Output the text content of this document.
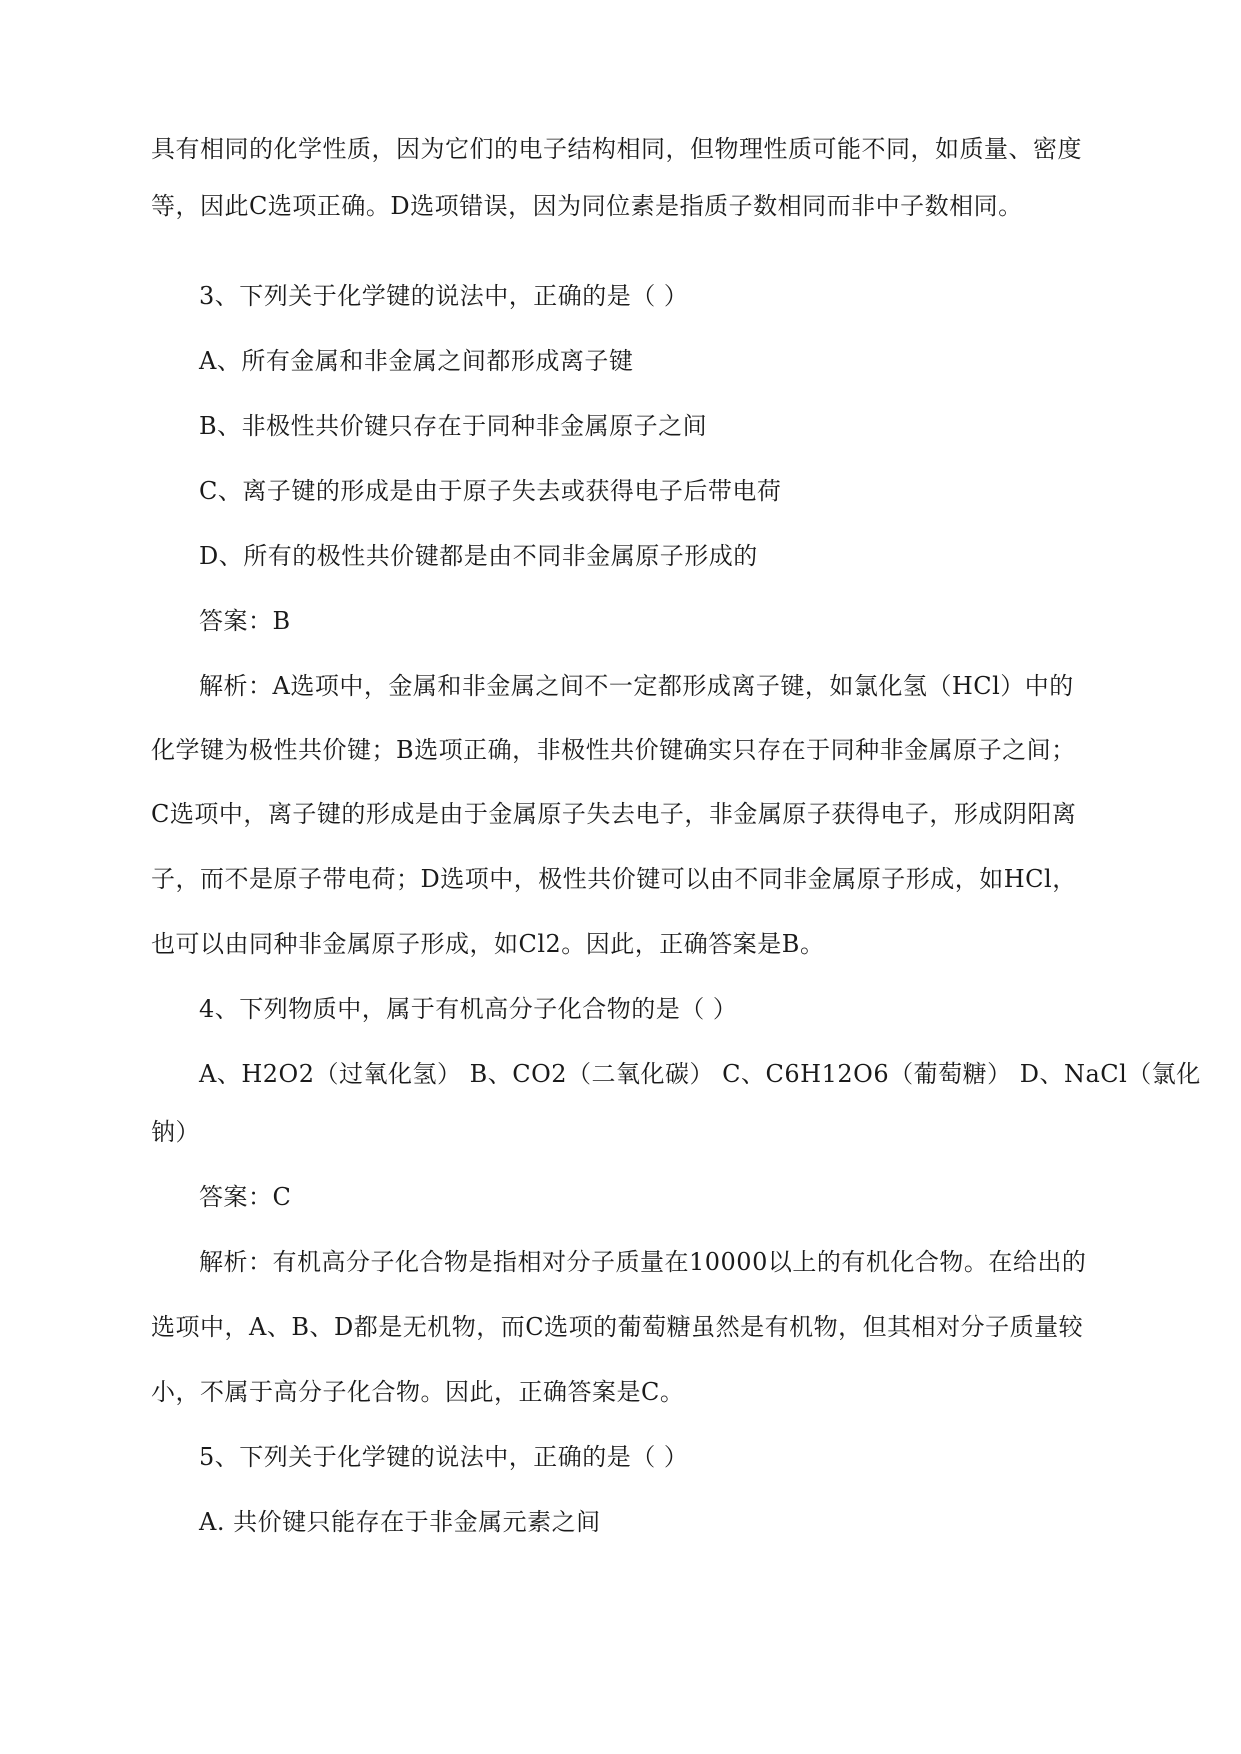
具有相同的化学性质，因为它们的电子结构相同，但物理性质可能不同，如质量、密度
等，因此C选项正确。D选项错误，因为同位素是指质子数相同而非中子数相同。
3、下列关于化学键的说法中，正确的是（ ）
A、所有金属和非金属之间都形成离子键
B、非极性共价键只存在于同种非金属原子之间
C、离子键的形成是由于原子失去或获得电子后带电荷
D、所有的极性共价键都是由不同非金属原子形成的
答案：B
解析：A选项中，金属和非金属之间不一定都形成离子键，如氯化氢（HCl）中的
化学键为极性共价键；B选项正确，非极性共价键确实只存在于同种非金属原子之间；
C选项中，离子键的形成是由于金属原子失去电子，非金属原子获得电子，形成阴阳离
子，而不是原子带电荷；D选项中，极性共价键可以由不同非金属原子形成，如HCl，
也可以由同种非金属原子形成，如Cl2。因此，正确答案是B。
4、下列物质中，属于有机高分子化合物的是（ ）
A、H2O2（过氧化氢） B、CO2（二氧化碳） C、C6H12O6（葡萄糖） D、NaCl（氯化
钠）
答案：C
解析：有机高分子化合物是指相对分子质量在10000以上的有机化合物。在给出的
选项中，A、B、D都是无机物，而C选项的葡萄糖虽然是有机物，但其相对分子质量较
小，不属于高分子化合物。因此，正确答案是C。
5、下列关于化学键的说法中，正确的是（ ）
A. 共价键只能存在于非金属元素之间
